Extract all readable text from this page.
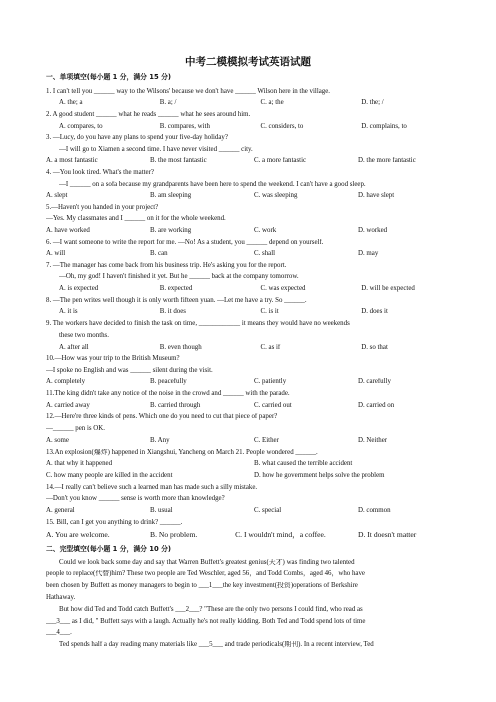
中考二模模拟考试英语试题
一、单项填空(每小题 1 分，满分 15 分)
1. I can't tell you ______ way to the Wilsons' because we don't have ______ Wilson here in the village.
A. the; a	B. a; /	C. a; the	D. the; /
2. A good student ______ what he reads ______ what he sees around him.
A. compares, to	B. compares, with	C. considers, to	D. complains, to
3. —Lucy, do you have any plans to spend your five-day holiday?
—I will go to Xiamen a second time. I have never visited ______ city.
A. a most fantastic	B. the most fantastic	C. a more fantastic	D. the more fantastic
4. —You look tired. What's the matter?
—I ______ on a sofa because my grandparents have been here to spend the weekend. I can't have a good sleep.
A. slept	B. am sleeping	C. was sleeping	D. have slept
5.—Haven't you handed in your project?
—Yes. My classmates and I ______ on it for the whole weekend.
A. have worked	B. are working	C. work	D. worked
6. —I want someone to write the report for me. —No! As a student, you ______ depend on yourself.
A. will	B. can	C. shall	D. may
7. —The manager has come back from his business trip. He's asking you for the report.
—Oh, my god! I haven't finished it yet. But he ______ back at the company tomorrow.
A. is expected	B. expected	C. was expected	D. will be expected
8. —The pen writes well though it is only worth fifteen yuan. —Let me have a try. So ______.
A. it is	B. it does	C. is it	D. does it
9. The workers have decided to finish the task on time, ____________ it means they would have no weekends
these two months.
A. after all	B. even though	C. as if	D. so that
10.—How was your trip to the British Museum?
—I spoke no English and was ______ silent during the visit.
A. completely	B. peacefully	C. patiently	D. carefully
11.The king didn't take any notice of the noise in the crowd and ______ with the parade.
A. carried away	B. carried through	C. carried out	D. carried on
12.—Here're three kinds of pens. Which one do you need to cut that piece of paper?
—______ pen is OK.
A. some	B. Any	C. Either	D. Neither
13.An explosion(爆炸) happened in Xiangshui, Yancheng on March 21. People wondered ______.
A. that why it happened	B. what caused the terrible accident
C. how many people are killed in the accident	D. how he government helps solve the problem
14.—I really can't believe such a learned man has made such a silly mistake.
—Don't you know ______ sense is worth more than knowledge?
A. general	B. usual	C. special	D. common
15. Bill, can I get you anything to drink? ______.
A. You are welcome.	B. No problem.	C. I wouldn't mind，a coffee.	D. It doesn't matter
二、完型填空(每小题 1 分，满分 10 分)
Could we look back some day and say that Warren Buffett's greatest genius(天才) was finding two talented
people to replace(代替)him? These two people are Ted Weschler, aged 56，and Todd Combs，aged 46，who have
been chosen by Buffett as money managers to begin to ___1___the key investment(投资)operations of Berkshire
Hathaway.
But how did Ted and Todd catch Buffett's ___2___? "These are the only two persons I could find, who read as
___3___ as I did, " Buffett says with a laugh. Actually he's not really kidding. Both Ted and Todd spend lots of time
___4___.
Ted spends half a day reading many materials like ___5___ and trade periodicals(期刊). In a recent interview, Ted
